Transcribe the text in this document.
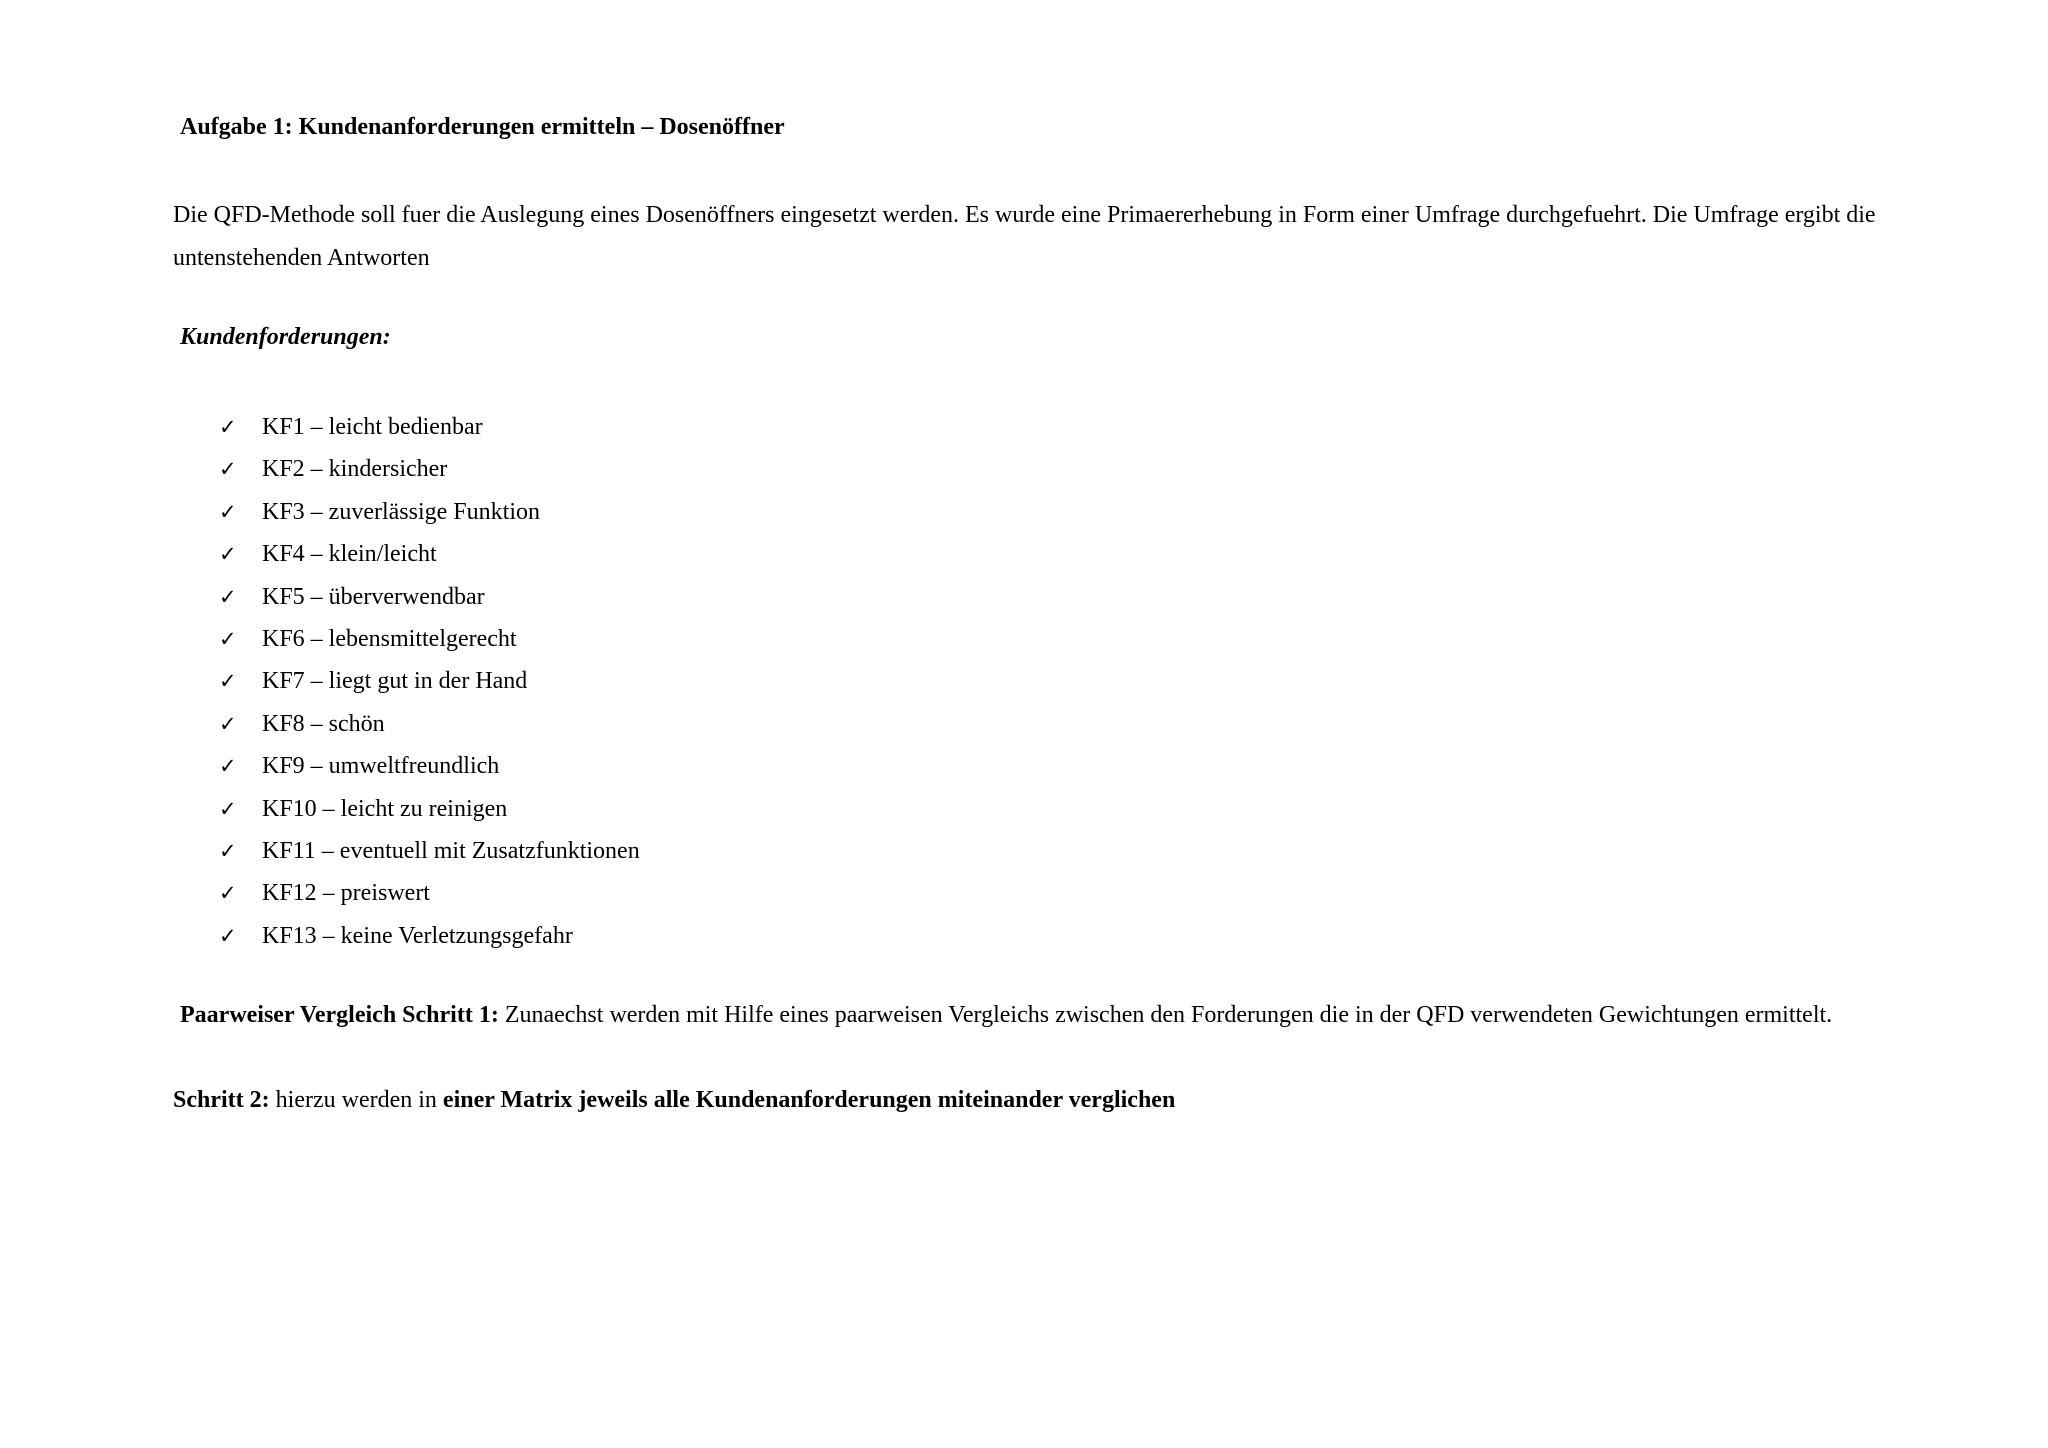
Aufgabe 1: Kundenanforderungen ermitteln – Dosenöffner
Die QFD-Methode soll fuer die Auslegung eines Dosenöffners eingesetzt werden. Es wurde eine Primaererhebung in Form einer Umfrage durchgefuehrt. Die Umfrage ergibt die untenstehenden Antworten
Kundenforderungen:
✓ KF1 – leicht bedienbar
✓ KF2 – kindersicher
✓ KF3 – zuverlässige Funktion
✓ KF4 – klein/leicht
✓ KF5 – überverwendbar
✓ KF6 – lebensmittelgerecht
✓ KF7 – liegt gut in der Hand
✓ KF8 – schön
✓ KF9 – umweltfreundlich
✓ KF10 – leicht zu reinigen
✓ KF11 – eventuell mit Zusatzfunktionen
✓ KF12 – preiswert
✓ KF13 – keine Verletzungsgefahr
Paarweiser Vergleich Schritt 1: Zunaechst werden mit Hilfe eines paarweisen Vergleichs zwischen den Forderungen die in der QFD verwendeten Gewichtungen ermittelt.
Schritt 2: hierzu werden in einer Matrix jeweils alle Kundenanforderungen miteinander verglichen
